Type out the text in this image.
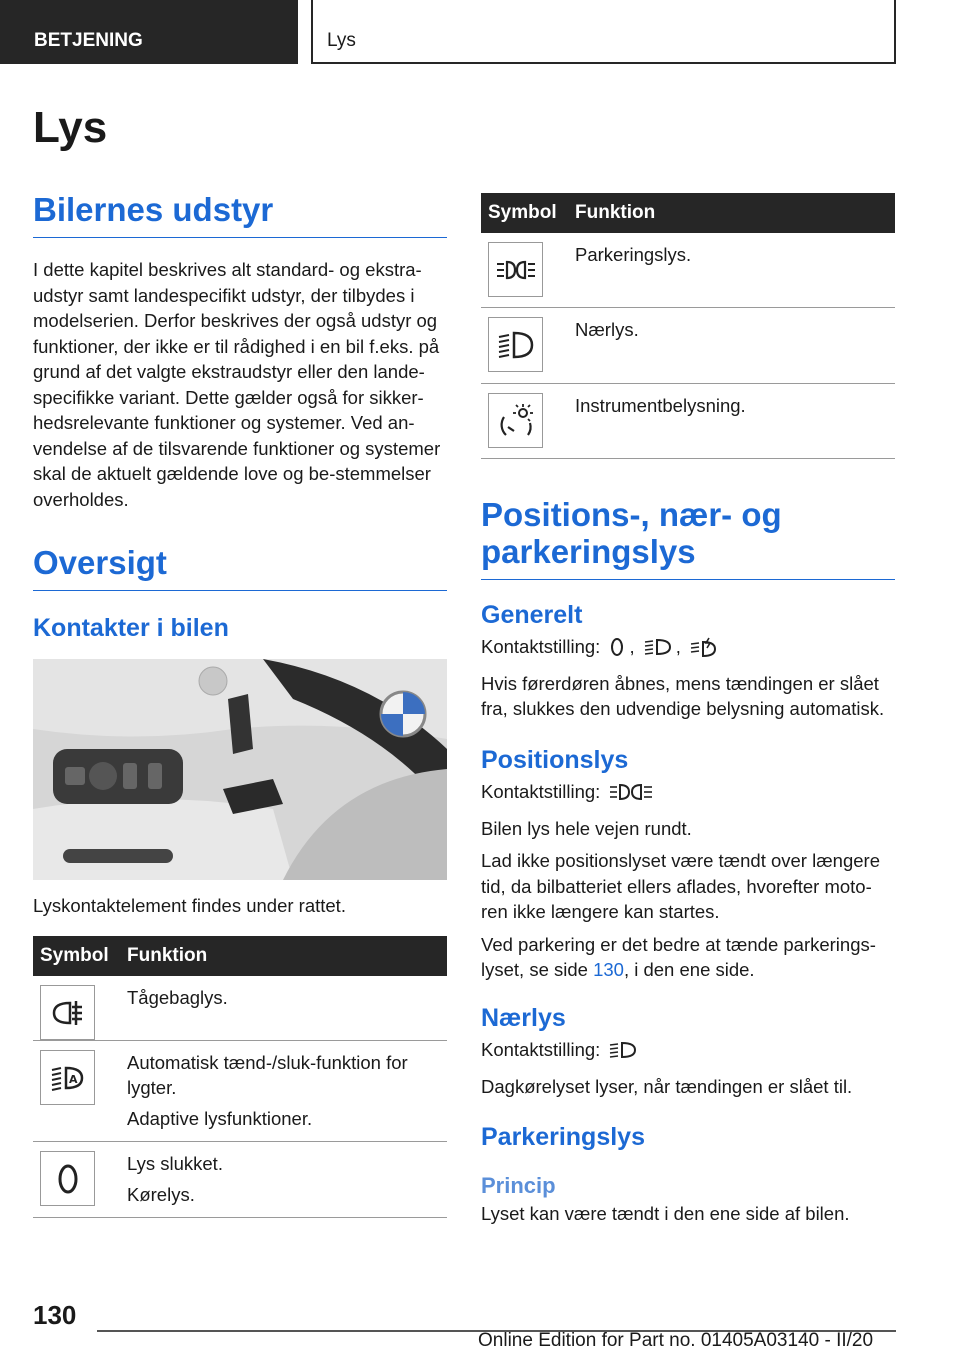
BETJENING	Lys
Lys
Bilernes udstyr

I dette kapitel beskrives alt standard- og ekstra-udstyr samt landespecifikt udstyr, der tilbydes i modelserien. Derfor beskrives der også udstyr og funktioner, der ikke er til rådighed i en bil f.eks. på grund af det valgte ekstraudstyr eller den lande-specifikke variant. Dette gælder også for sikker-hedsrelevante funktioner og systemer. Ved an-vendelse af de tilsvarende funktioner og systemer skal de aktuelt gældende love og be-stemmelser overholdes.

Oversigt
Kontakter i bilen

Lyskontaktelement findes under rattet.

Symbol Funktion

Tågebaglys.

A

Automatisk tænd-/sluk-funktion for lygter.

Adaptive lysfunktioner.

Lys slukket.

Kørelys.

Symbol Funktion

Parkeringslys.

Nærlys.

Instrumentbelysning.

Positions-, nær- og parkeringslys
Generelt

Kontaktstilling: , ,

Hvis førerdøren åbnes, mens tændingen er slået fra, slukkes den udvendige belysning automatisk.

Positionslys

Kontaktstilling:

Bilen lys hele vejen rundt.

Lad ikke positionslyset være tændt over længere tid, da bilbatteriet ellers aflades, hvorefter moto-ren ikke længere kan startes.

Ved parkering er det bedre at tænde parkerings-lyset, se side 130, i den ene side.

Nærlys

Kontaktstilling:

Dagkørelyset lyser, når tændingen er slået til.

Parkeringslys
Princip

Lyset kan være tændt i den ene side af bilen.

130
Online Edition for Part no. 01405A03140 - II/20
